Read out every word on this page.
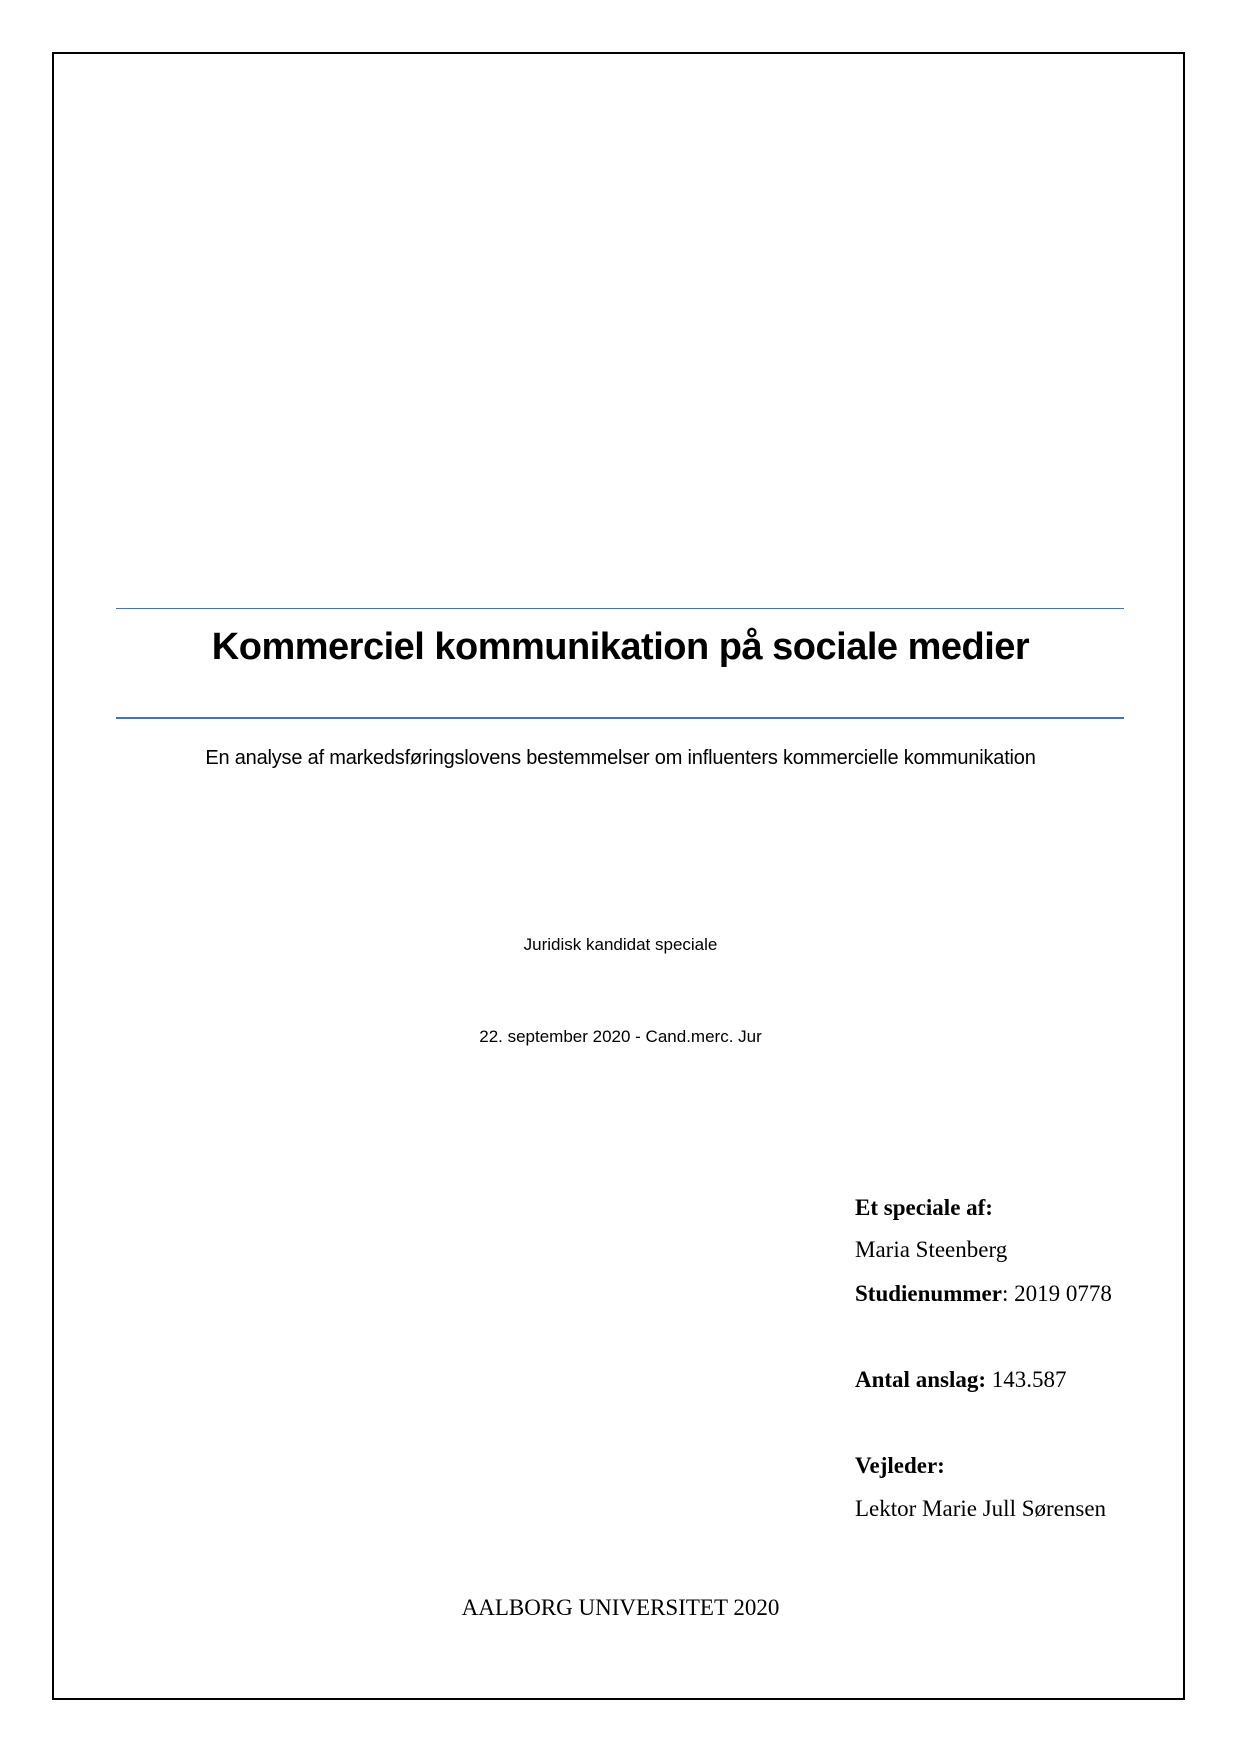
Kommerciel kommunikation på sociale medier
En analyse af markedsføringslovens bestemmelser om influenters kommercielle kommunikation
Juridisk kandidat speciale
22. september 2020 - Cand.merc. Jur
Et speciale af:
Maria Steenberg
Studienummer: 2019 0778
Antal anslag: 143.587
Vejleder:
Lektor Marie Jull Sørensen
AALBORG UNIVERSITET 2020
